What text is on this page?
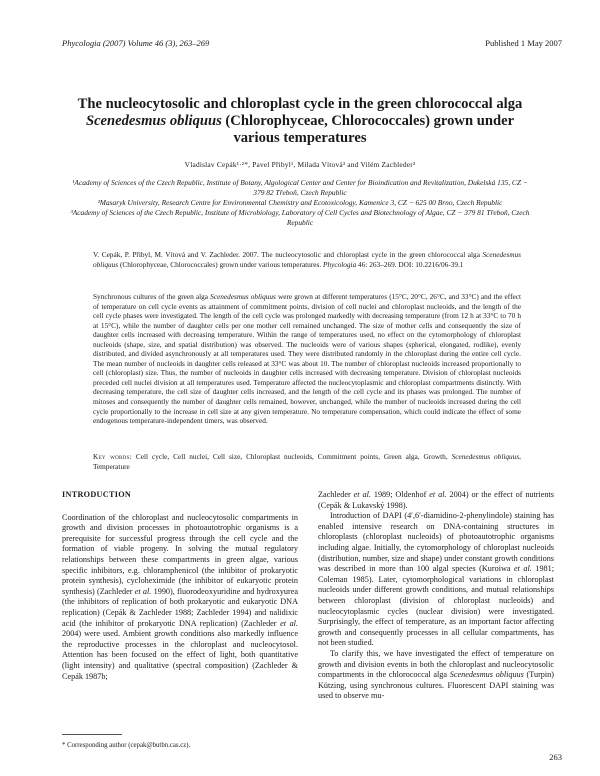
Phycologia (2007) Volume 46 (3), 263–269	Published 1 May 2007
The nucleocytosolic and chloroplast cycle in the green chlorococcal alga
Scenedesmus obliquus (Chlorophyceae, Chlorococcales) grown under
various temperatures
Vladislav Cepák¹·²*, Pavel Přibyl¹, Milada Vítová³ and Vilém Zachleder³
¹Academy of Sciences of the Czech Republic, Institute of Botany, Algological Center and Center for Bioindication and Revitalization, Dukelská 135, CZ − 379 82 Třeboň, Czech Republic
²Masaryk University, Research Centre for Environmental Chemistry and Ecotoxicology, Kamenice 3, CZ − 625 00 Brno, Czech Republic
³Academy of Sciences of the Czech Republic, Institute of Microbiology, Laboratory of Cell Cycles and Biotechnology of Algae, CZ − 379 81 Třeboň, Czech Republic
V. Cepák, P. Přibyl, M. Vítová and V. Zachleder. 2007. The nucleocytosolic and chloroplast cycle in the green chlorococcal alga Scenedesmus obliquus (Chlorophyceae, Chlorococcales) grown under various temperatures. Phycologia 46: 263–269. DOI: 10.2216/06-39.1
Synchronous cultures of the green alga Scenedesmus obliquus were grown at different temperatures (15°C, 20°C, 26°C, and 33°C) and the effect of temperature on cell cycle events as attainment of commitment points, division of cell nuclei and chloroplast nucleoids, and the length of the cell cycle phases were investigated. The length of the cell cycle was prolonged markedly with decreasing temperature (from 12 h at 33°C to 70 h at 15°C), while the number of daughter cells per one mother cell remained unchanged. The size of mother cells and consequently the size of daughter cells increased with decreasing temperature. Within the range of temperatures used, no effect on the cytomorphology of chloroplast nucleoids (shape, size, and spatial distribution) was observed. The nucleoids were of various shapes (spherical, elongated, rodlike), evenly distributed, and divided asynchronously at all temperatures used. They were distributed randomly in the chloroplast during the entire cell cycle. The mean number of nucleoids in daughter cells released at 33°C was about 10. The number of chloroplast nucleoids increased proportionally to cell (chloroplast) size. Thus, the number of nucleoids in daughter cells increased with decreasing temperature. Division of chloroplast nucleoids preceded cell nuclei division at all temperatures used. Temperature affected the nucleocytoplasmic and chloroplast compartments distinctly. With decreasing temperature, the cell size of daughter cells increased, and the length of the cell cycle and its phases was prolonged. The number of mitoses and consequently the number of daughter cells remained, however, unchanged, while the number of nucleoids increased during the cell cycle proportionally to the increase in cell size at any given temperature. No temperature compensation, which could indicate the effect of some endogenous temperature-independent timers, was observed.
Key words: Cell cycle, Cell nuclei, Cell size, Chloroplast nucleoids, Commitment points, Green alga, Growth, Scenedesmus obliquus, Temperature
INTRODUCTION

Coordination of the chloroplast and nucleocytosolic compartments in growth and division processes in photoautotrophic organisms is a prerequisite for successful progress through the cell cycle and the formation of viable progeny. In solving the mutual regulatory relationships between these compartments in green algae, various specific inhibitors, e.g. chloramphenicol (the inhibitor of prokaryotic protein synthesis), cycloheximide (the inhibitor of eukaryotic protein synthesis) (Zachleder et al. 1990), fluorodeoxyuridine and hydroxyurea (the inhibitors of replication of both prokaryotic and eukaryotic DNA replication) (Cepák & Zachleder 1988; Zachleder 1994) and nalidixic acid (the inhibitor of prokaryotic DNA replication) (Zachleder et al. 2004) were used. Ambient growth conditions also markedly influence the reproductive processes in the chloroplast and nucleocytosol. Attention has been focused on the effect of light, both quantitative (light intensity) and qualitative (spectral composition) (Zachleder & Cepák 1987b;

Zachleder et al. 1989; Oldenhof et al. 2004) or the effect of nutrients (Cepák & Lukavský 1998).

Introduction of DAPI (4′,6′-diamidino-2-phenylindole) staining has enabled intensive research on DNA-containing structures in chloroplasts (chloroplast nucleoids) of photoautotrophic organisms including algae. Initially, the cytomorphology of chloroplast nucleoids (distribution, number, size and shape) under constant growth conditions was described in more than 100 algal species (Kuroiwa et al. 1981; Coleman 1985). Later, cytomorphological variations in chloroplast nucleoids under different growth conditions, and mutual relationships between chloroplast (division of chloroplast nucleoids) and nucleocytoplasmic cycles (nuclear division) were investigated. Surprisingly, the effect of temperature, as an important factor affecting growth and consequently processes in all cellular compartments, has not been studied.

To clarify this, we have investigated the effect of temperature on growth and division events in both the chloroplast and nucleocytosolic compartments in the chlorococcal alga Scenedesmus obliquus (Turpin) Kützing, using synchronous cultures. Fluorescent DAPI staining was used to observe mu-

* Corresponding author (cepak@butbn.cas.cz).
263
